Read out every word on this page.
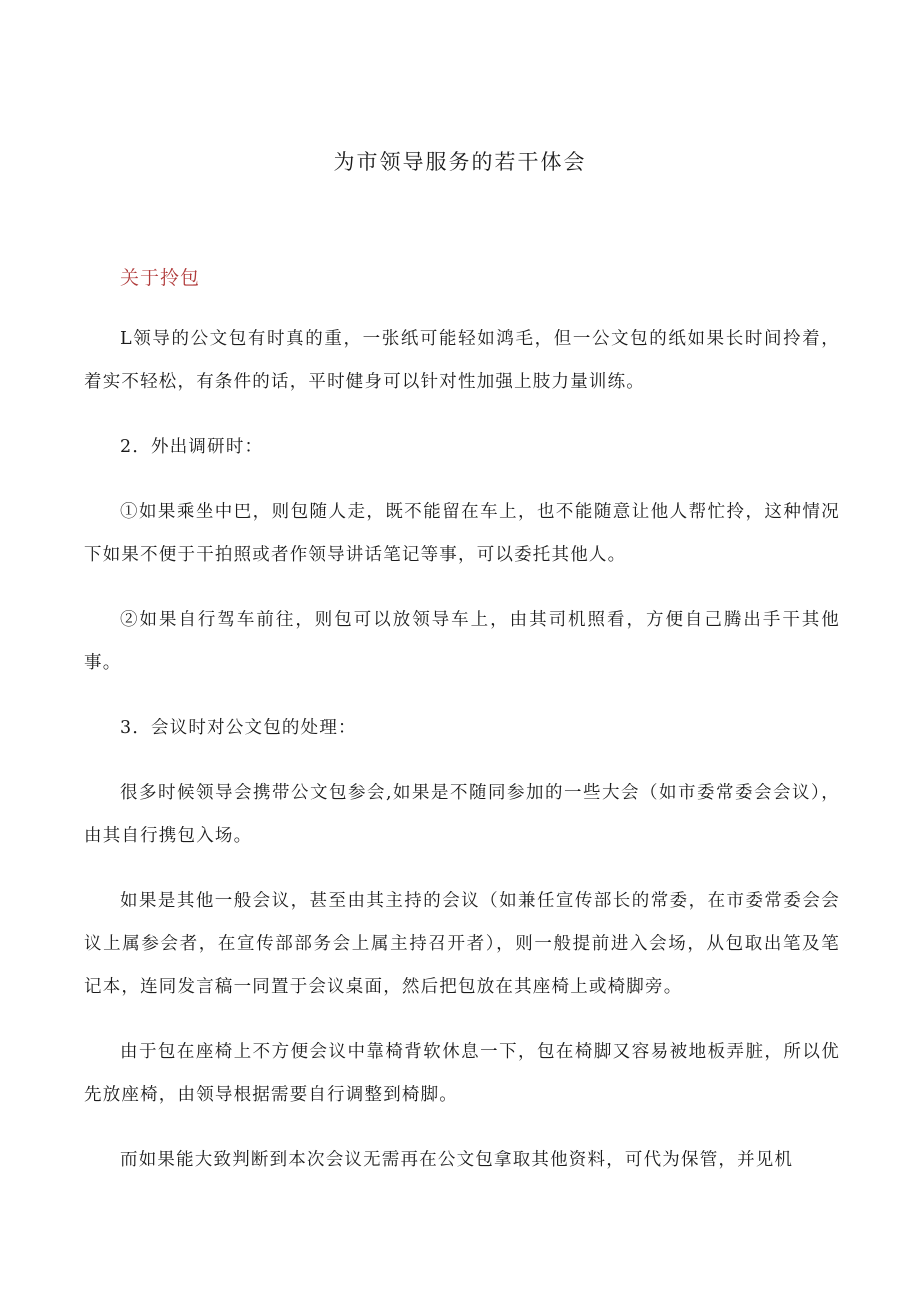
为市领导服务的若干体会
关于拎包

L领导的公文包有时真的重，一张纸可能轻如鸿毛，但一公文包的纸如果长时间拎着，着实不轻松，有条件的话，平时健身可以针对性加强上肢力量训练。

2．外出调研时：

①如果乘坐中巴，则包随人走，既不能留在车上，也不能随意让他人帮忙拎，这种情况下如果不便于干拍照或者作领导讲话笔记等事，可以委托其他人。

②如果自行驾车前往，则包可以放领导车上，由其司机照看，方便自己腾出手干其他事。

3．会议时对公文包的处理：

很多时候领导会携带公文包参会,如果是不随同参加的一些大会（如市委常委会会议），由其自行携包入场。

如果是其他一般会议，甚至由其主持的会议（如兼任宣传部长的常委，在市委常委会会议上属参会者，在宣传部部务会上属主持召开者），则一般提前进入会场，从包取出笔及笔记本，连同发言稿一同置于会议桌面，然后把包放在其座椅上或椅脚旁。

由于包在座椅上不方便会议中靠椅背软休息一下，包在椅脚又容易被地板弄脏，所以优先放座椅，由领导根据需要自行调整到椅脚。

而如果能大致判断到本次会议无需再在公文包拿取其他资料，可代为保管，并见机
